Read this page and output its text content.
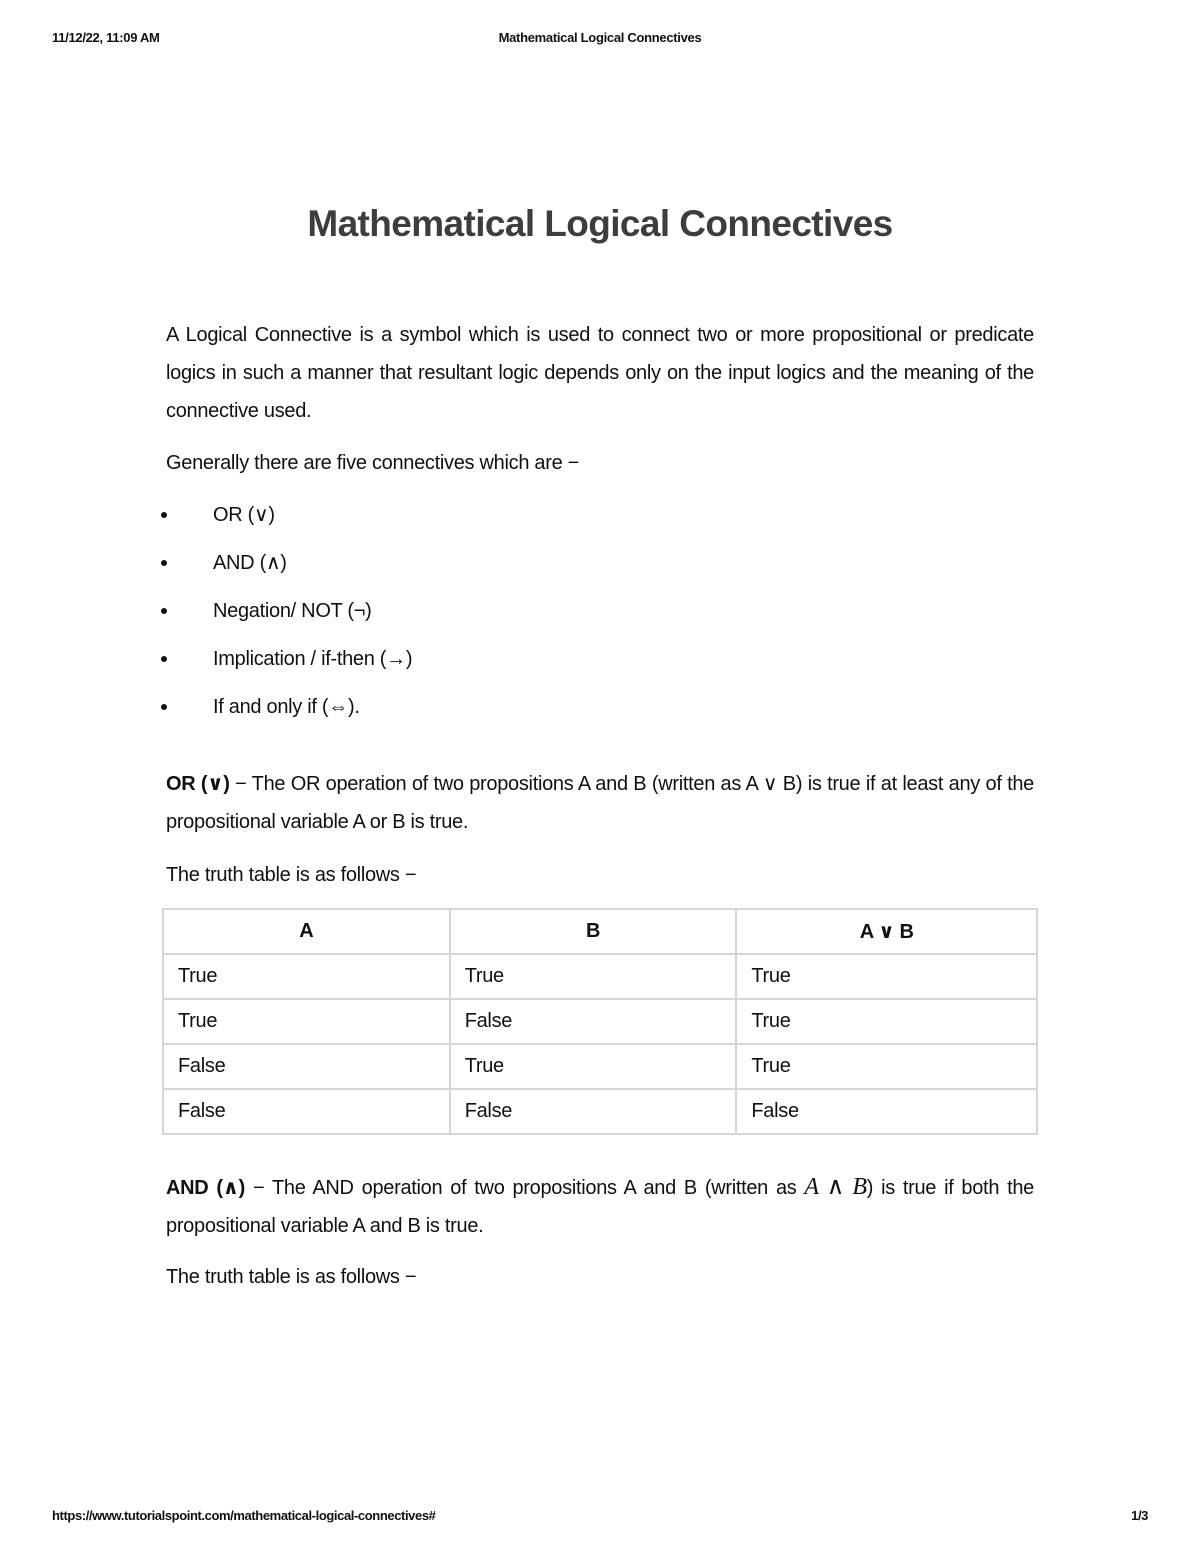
11/12/22, 11:09 AM	Mathematical Logical Connectives
Mathematical Logical Connectives

A Logical Connective is a symbol which is used to connect two or more propositional or predicate logics in such a manner that resultant logic depends only on the input logics and the meaning of the connective used.

Generally there are five connectives which are −

OR (∨)
AND (∧)
Negation/ NOT (¬)
Implication / if-then (→)
If and only if (⇔).

OR (∨) − The OR operation of two propositions A and B (written as A ∨ B) is true if at least any of the propositional variable A or B is true.

The truth table is as follows −

A	B	A ∨ B
True	True	True
True	False	True
False	True	True
False	False	False

AND (∧) − The AND operation of two propositions A and B (written as A ∧ B) is true if both the propositional variable A and B is true.

The truth table is as follows −

https://www.tutorialspoint.com/mathematical-logical-connectives#	1/3
